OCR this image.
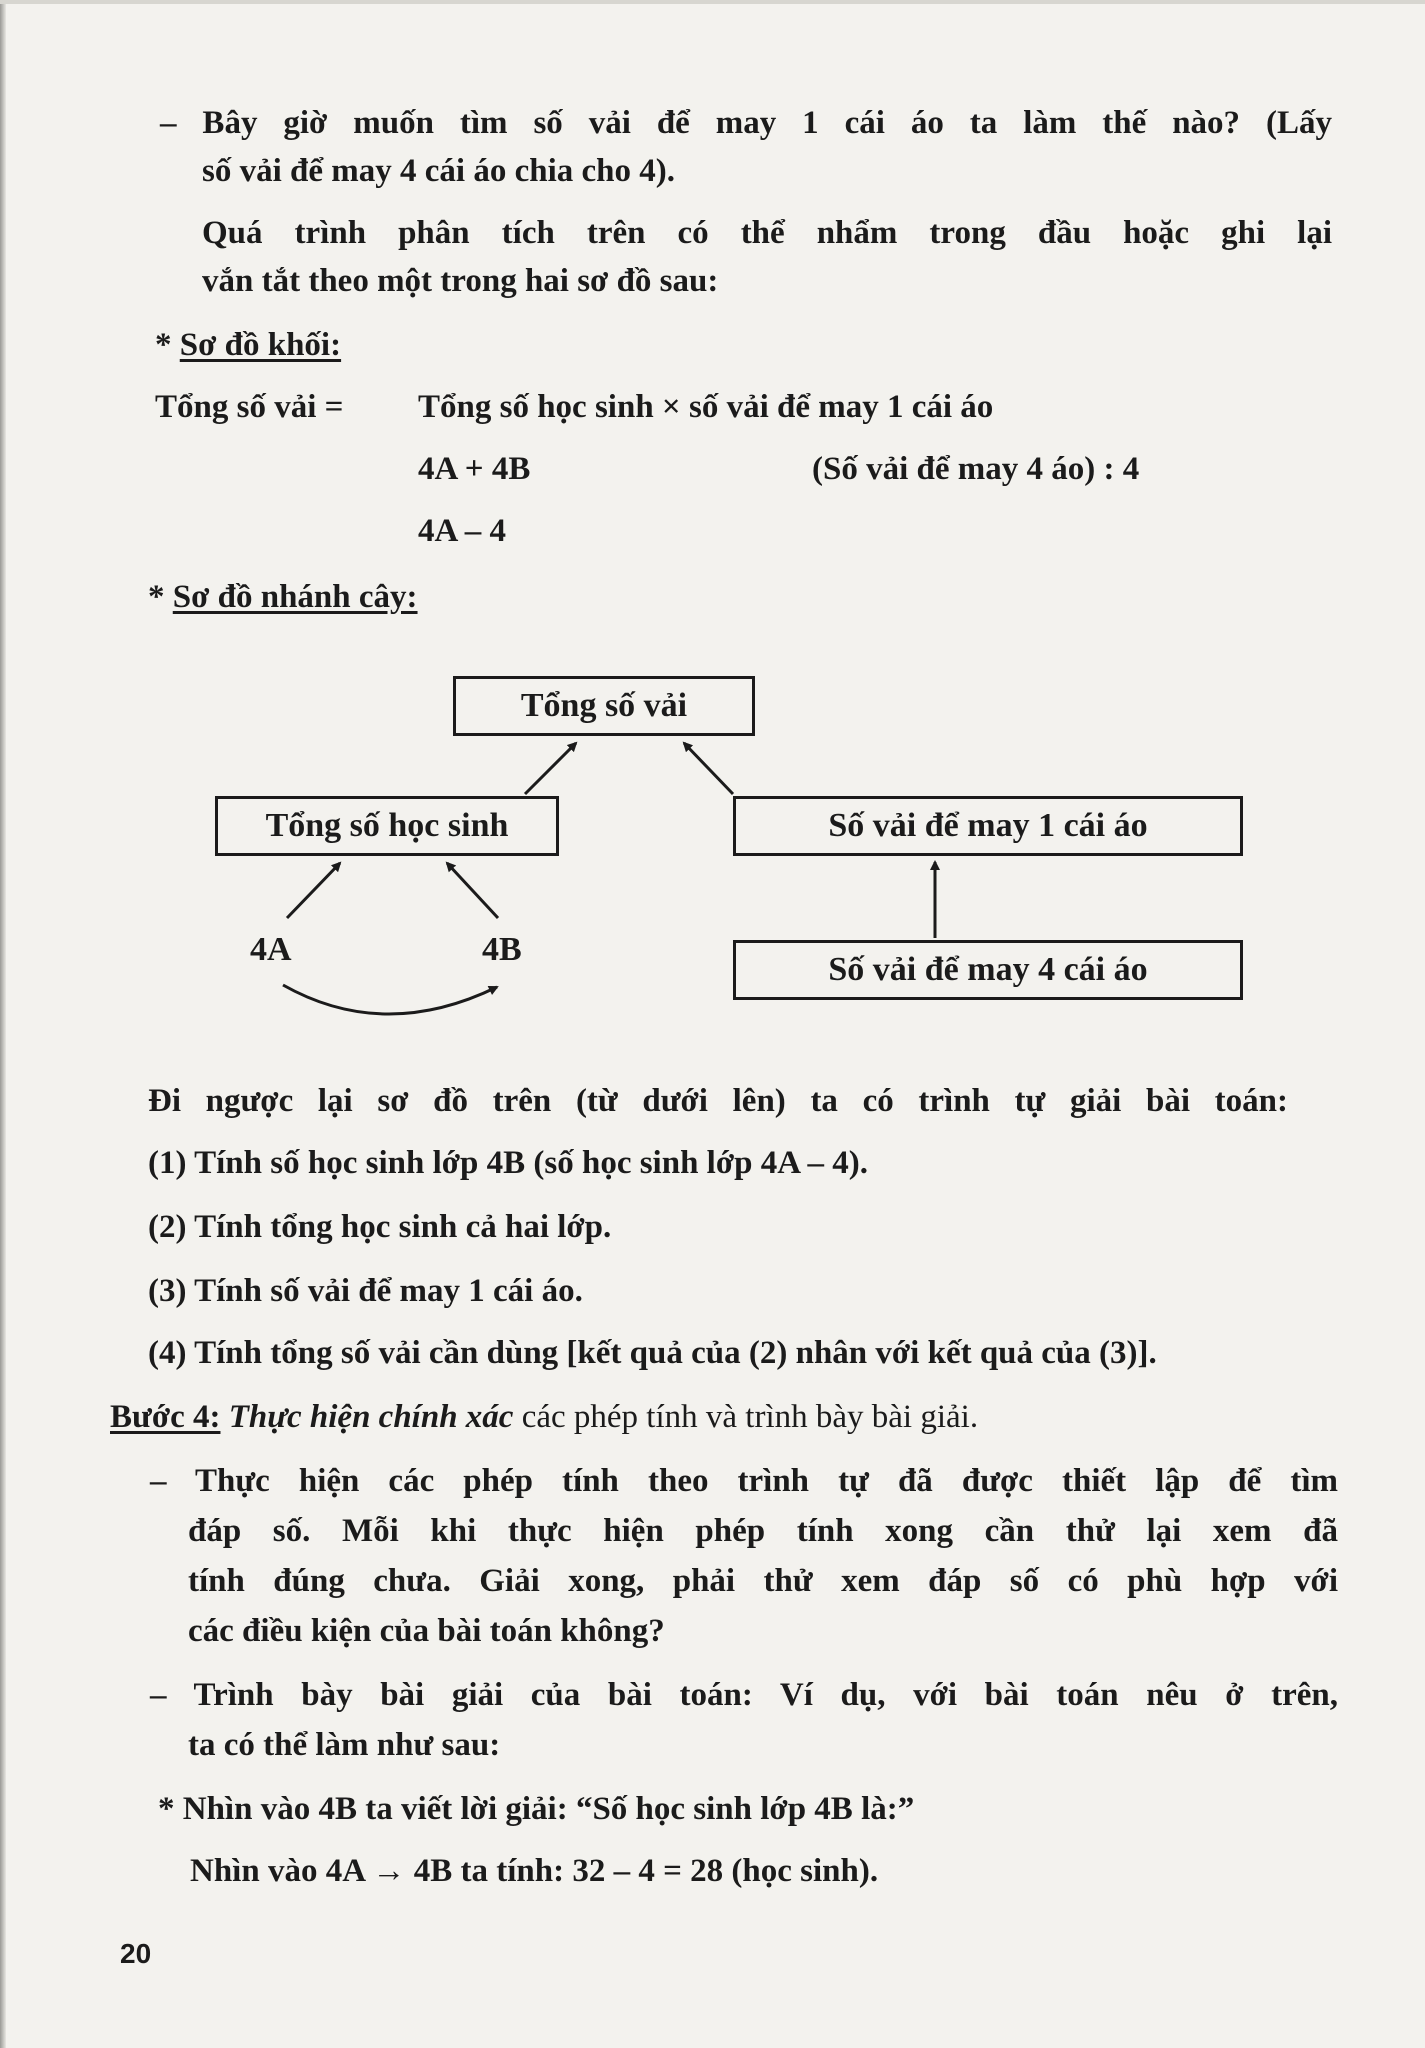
– Bây giờ muốn tìm số vải để may 1 cái áo ta làm thế nào? (Lấy
số vải để may 4 cái áo chia cho 4).
Quá trình phân tích trên có thể nhẩm trong đầu hoặc ghi lại
vắn tắt theo một trong hai sơ đồ sau:
* Sơ đồ khối:
Tổng số vải = Tổng số học sinh × số vải để may 1 cái áo
4A + 4B	(Số vải để may 4 áo) : 4
4A – 4
* Sơ đồ nhánh cây:
Tổng số vải
Tổng số học sinh	Số vải để may 1 cái áo
Số vải để may 4 cái áo
4A	4B
Đi ngược lại sơ đồ trên (từ dưới lên) ta có trình tự giải bài toán:
(1) Tính số học sinh lớp 4B (số học sinh lớp 4A – 4).
(2) Tính tổng học sinh cả hai lớp.
(3) Tính số vải để may 1 cái áo.
(4) Tính tổng số vải cần dùng [kết quả của (2) nhân với kết quả của (3)].
Bước 4: Thực hiện chính xác các phép tính và trình bày bài giải.
– Thực hiện các phép tính theo trình tự đã được thiết lập để tìm
đáp số. Mỗi khi thực hiện phép tính xong cần thử lại xem đã
tính đúng chưa. Giải xong, phải thử xem đáp số có phù hợp với
các điều kiện của bài toán không?
– Trình bày bài giải của bài toán: Ví dụ, với bài toán nêu ở trên,
ta có thể làm như sau:
* Nhìn vào 4B ta viết lời giải: “Số học sinh lớp 4B là:”
Nhìn vào 4A → 4B ta tính: 32 – 4 = 28 (học sinh).
20
